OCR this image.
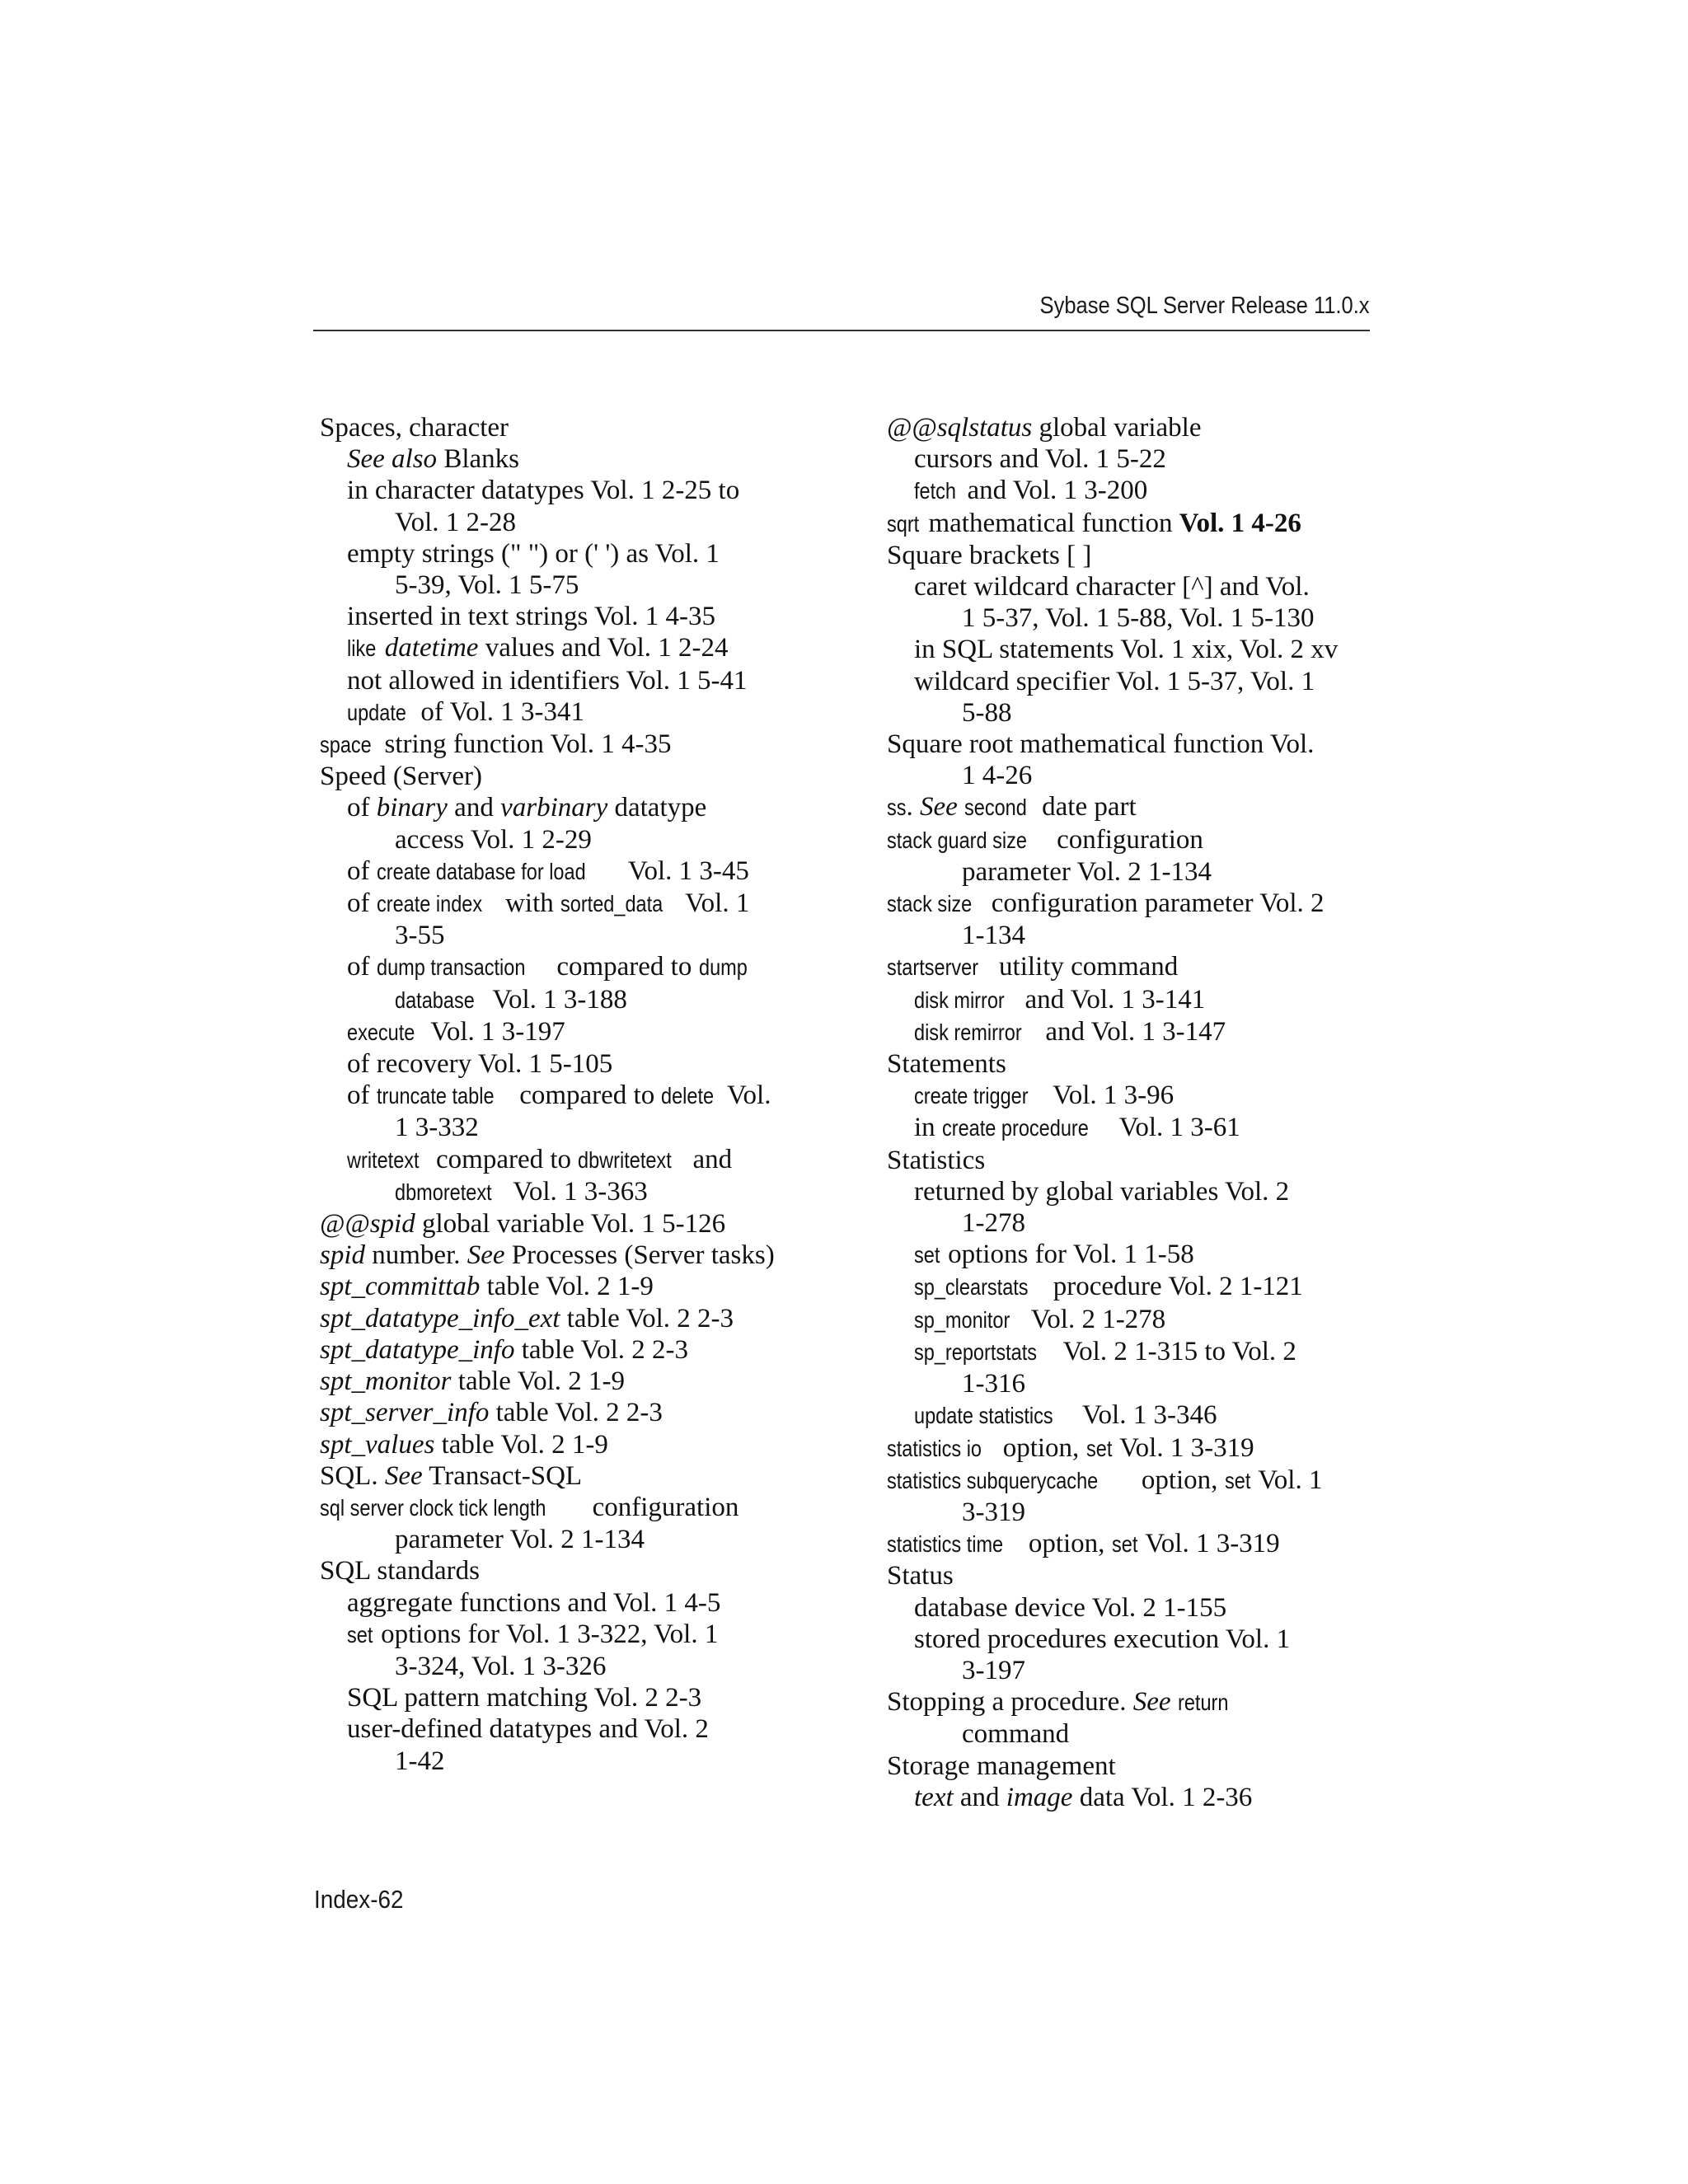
Sybase SQL Server Release 11.0.x
Spaces, character
See also Blanks
in character datatypes Vol. 1 2-25 to
Vol. 1 2-28
empty strings (" ") or (' ') as Vol. 1
5-39, Vol. 1 5-75
inserted in text strings Vol. 1 4-35
like datetime values and Vol. 1 2-24
not allowed in identifiers Vol. 1 5-41
update of Vol. 1 3-341
space string function Vol. 1 4-35
Speed (Server)
of binary and varbinary datatype
access Vol. 1 2-29
of create database for load Vol. 1 3-45
of create index with sorted_data Vol. 1
3-55
of dump transaction compared to dump
database Vol. 1 3-188
execute Vol. 1 3-197
of recovery Vol. 1 5-105
of truncate table compared to delete Vol.
1 3-332
writetext compared to dbwritetext and
dbmoretext Vol. 1 3-363
@@spid global variable Vol. 1 5-126
spid number. See Processes (Server tasks)
spt_committab table Vol. 2 1-9
spt_datatype_info_ext table Vol. 2 2-3
spt_datatype_info table Vol. 2 2-3
spt_monitor table Vol. 2 1-9
spt_server_info table Vol. 2 2-3
spt_values table Vol. 2 1-9
SQL. See Transact-SQL
sql server clock tick length configuration
parameter Vol. 2 1-134
SQL standards
aggregate functions and Vol. 1 4-5
set options for Vol. 1 3-322, Vol. 1
3-324, Vol. 1 3-326
SQL pattern matching Vol. 2 2-3
user-defined datatypes and Vol. 2
1-42
@@sqlstatus global variable
cursors and Vol. 1 5-22
fetch and Vol. 1 3-200
sqrt mathematical function Vol. 1 4-26
Square brackets [ ]
caret wildcard character [^] and Vol.
1 5-37, Vol. 1 5-88, Vol. 1 5-130
in SQL statements Vol. 1 xix, Vol. 2 xv
wildcard specifier Vol. 1 5-37, Vol. 1
5-88
Square root mathematical function Vol.
1 4-26
ss. See second date part
stack guard size configuration
parameter Vol. 2 1-134
stack size configuration parameter Vol. 2
1-134
startserver utility command
disk mirror and Vol. 1 3-141
disk remirror and Vol. 1 3-147
Statements
create trigger Vol. 1 3-96
in create procedure Vol. 1 3-61
Statistics
returned by global variables Vol. 2
1-278
set options for Vol. 1 1-58
sp_clearstats procedure Vol. 2 1-121
sp_monitor Vol. 2 1-278
sp_reportstats Vol. 2 1-315 to Vol. 2
1-316
update statistics Vol. 1 3-346
statistics io option, set Vol. 1 3-319
statistics subquerycache option, set Vol. 1
3-319
statistics time option, set Vol. 1 3-319
Status
database device Vol. 2 1-155
stored procedures execution Vol. 1
3-197
Stopping a procedure. See return
command
Storage management
text and image data Vol. 1 2-36
Index-62
